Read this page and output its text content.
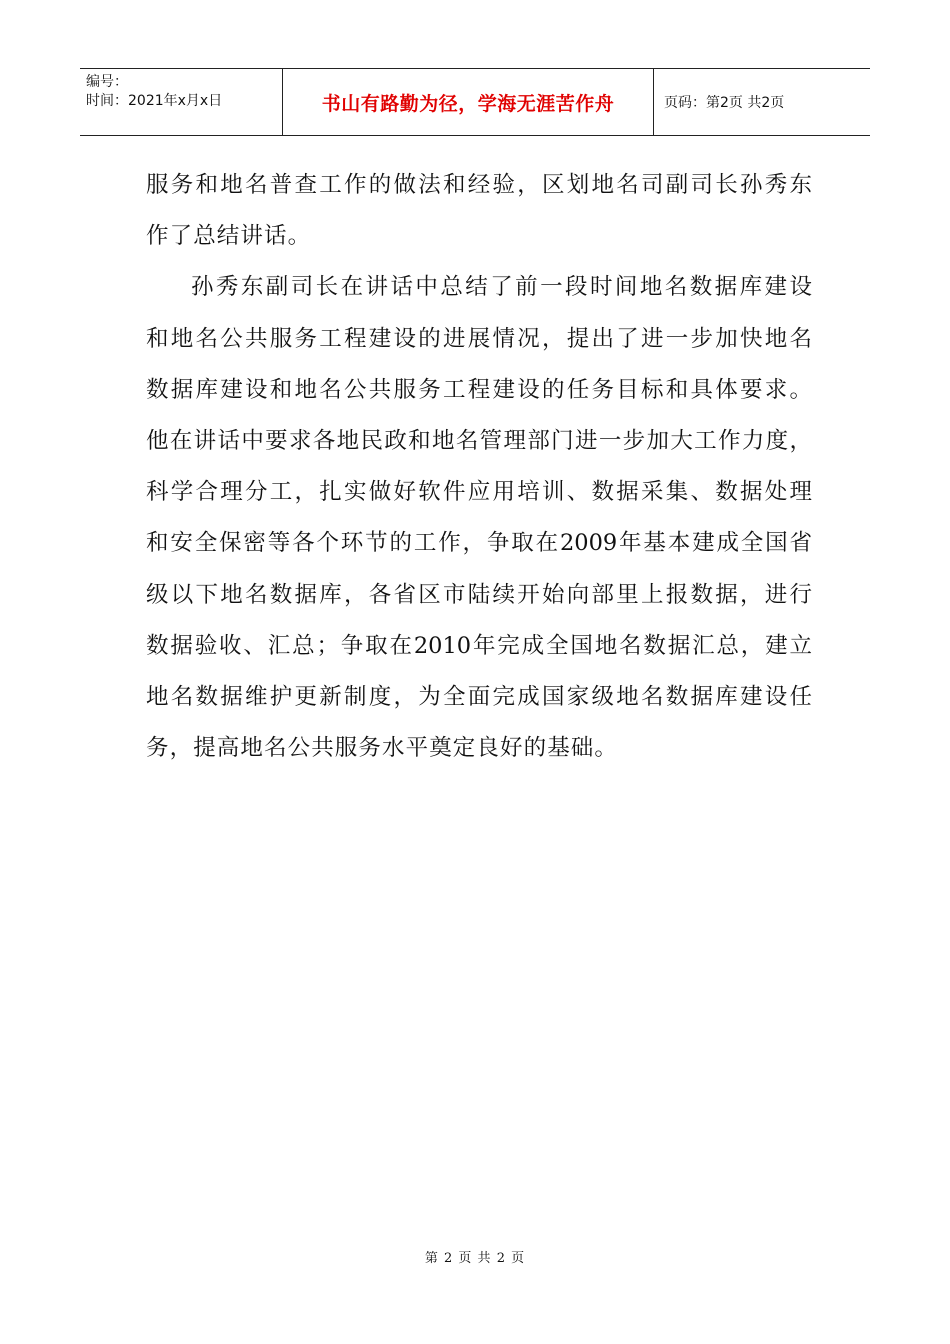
编号：
时间：2021年x月x日	书山有路勤为径，学海无涯苦作舟	页码：第2页 共2页
服务和地名普查工作的做法和经验，区划地名司副司长孙秀东
作了总结讲话。
孙秀东副司长在讲话中总结了前一段时间地名数据库建设
和地名公共服务工程建设的进展情况，提出了进一步加快地名
数据库建设和地名公共服务工程建设的任务目标和具体要求。
他在讲话中要求各地民政和地名管理部门进一步加大工作力度，
科学合理分工，扎实做好软件应用培训、数据采集、数据处理
和安全保密等各个环节的工作，争取在2009年基本建成全国省
级以下地名数据库，各省区市陆续开始向部里上报数据，进行
数据验收、汇总；争取在2010年完成全国地名数据汇总，建立
地名数据维护更新制度，为全面完成国家级地名数据库建设任
务，提高地名公共服务水平奠定良好的基础。
第 2 页 共 2 页
